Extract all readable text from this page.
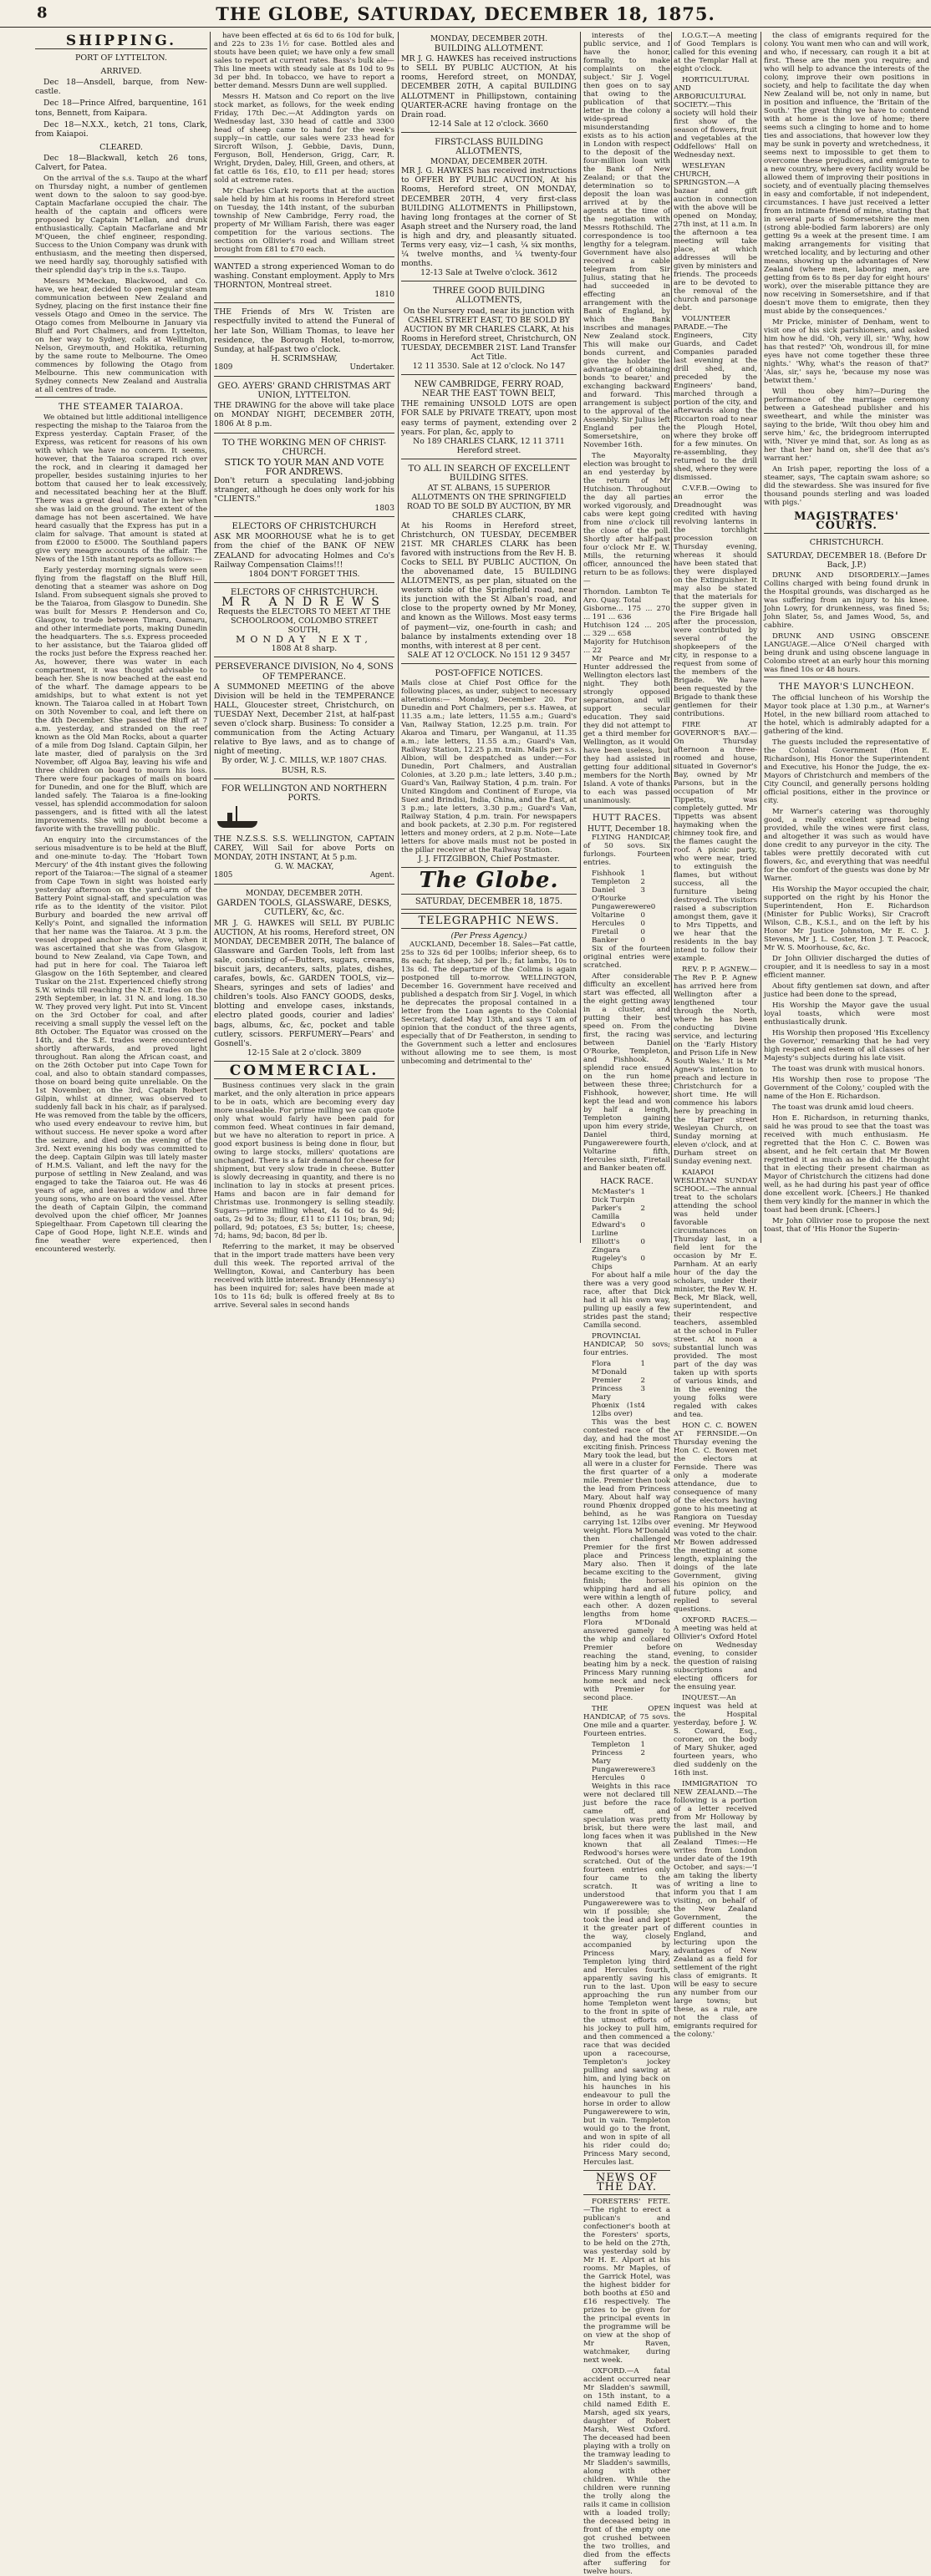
8	THE GLOBE, SATURDAY, DECEMBER 18, 1875.
SHIPPING.
PORT OF LYTTELTON.
ARRIVED.

Dec 18—Ansdell, barque, from New-castle.

Dec 18—Prince Alfred, barquentine, 161 tons, Bennett, from Kaipara.

Dec 18—N.X.X., ketch, 21 tons, Clark, from Kaiapoi.

CLEARED.

Dec 18—Blackwall, ketch 26 tons, Calvert, for Patea.

On the arrival of the s.s. Taupo at the wharf on Thursday night, a number of gentlemen went down to the saloon to say good-bye. Captain Macfarlane occupied the chair. The health of the captain and officers were proposed by Captain M'Lellan, and drunk enthusiastically. Captain Macfarlane and Mr M'Queen, the chief engineer, responding. Success to the Union Company was drunk with enthusiasm, and the meeting then dispersed, we need hardly say, thoroughly satisfied with their splendid day's trip in the s.s. Taupo.

Messrs M'Meckan, Blackwood, and Co. have, we hear, decided to open regular steam communication between New Zealand and Sydney, placing on the first instance their fine vessels Otago and Omeo in the service. The Otago comes from Melbourne in January via Bluff and Port Chalmers, and from Lyttelton, on her way to Sydney, calls at Wellington, Nelson, Greymouth, and Hokitika, returning by the same route to Melbourne. The Omeo commences by following the Otago from Melbourne. This new communication with Sydney connects New Zealand and Australia at all centres of trade.

THE STEAMER TAIAROA.

We obtained but little additional intelligence respecting the mishap to the Taiaroa from the Express yesterday. Captain Fraser, of the Express, was reticent for reasons of his own with which we have no concern. It seems, however, that the Taiaroa scraped rich over the rock, and in clearing it damaged her propeller, besides sustaining injuries to her bottom that caused her to leak excessively, and necessitated beaching her at the Bluff. There was a great deal of water in her when she was laid on the ground. The extent of the damage has not been ascertained. We have heard casually that the Express has put in a claim for salvage. That amount is stated at from £2000 to £5000. The Southland papers give very meagre accounts of the affair. The News of the 15th instant reports as follows:—

Early yesterday morning signals were seen flying from the flagstaff on the Bluff Hill, denoting that a steamer was ashore on Dog Island. From subsequent signals she proved to be the Taiaroa, from Glasgow to Dunedin. She was built for Messrs P. Henderson and Co, Glasgow, to trade between Timaru, Oamaru, and other intermediate ports, making Dunedin the headquarters. The s.s. Express proceeded to her assistance, but the Taiaroa glided off the rocks just before the Express reached her. As, however, there was water in each compartment, it was thought advisable to beach her. She is now beached at the east end of the wharf. The damage appears to be amidships, but to what extent is not yet known. The Taiaroa called in at Hobart Town on 30th November to coal, and left there on the 4th December. She passed the Bluff at 7 a.m. yesterday, and stranded on the reef known as the Old Man Rocks, about a quarter of a mile from Dog Island. Captain Gilpin, her late master, died of paralysis on the 3rd November, off Algoa Bay, leaving his wife and three children on board to mourn his loss. There were four packages of mails on board for Dunedin, and one for the Bluff, which are landed safely. The Taiaroa is a fine-looking vessel, has splendid accommodation for saloon passengers, and is fitted with all the latest improvements. She will no doubt become a favorite with the travelling public.

An enquiry into the circumstances of the serious misadventure is to be held at the Bluff, and one-minute to-day. The 'Hobart Town Mercury' of the 4th instant gives the following report of the Taiaroa:—The signal of a steamer from Cape Town in sight was hoisted early yesterday afternoon on the yard-arm of the Battery Point signal-staff, and speculation was rife as to the identity of the visitor. Pilot Burbury and boarded the new arrival off Kelly's Point, and signalled the information that her name was the Taiaroa. At 3 p.m. the vessel dropped anchor in the Cove, when it was ascertained that she was from Glasgow, bound to New Zealand, via Cape Town, and had put in here for coal. The Taiaroa left Glasgow on the 16th September, and cleared Tuskar on the 21st. Experienced chiefly strong S.W. winds till reaching the N.E. trades on the 29th September, in lat. 31 N. and long. 18.30 W. They proved very light. Put into St. Vincent on the 3rd October for coal, and after receiving a small supply the vessel left on the 8th October. The Equator was crossed on the 14th, and the S.E. trades were encountered shortly afterwards, and proved light throughout. Ran along the African coast, and on the 26th October put into Cape Town for coal, and also to obtain standard compasses, those on board being quite unreliable. On the 1st November, on the 3rd, Captain Robert Gilpin, whilst at dinner, was observed to suddenly fall back in his chair, as if paralysed. He was removed from the table by the officers, who used every endeavour to revive him, but without success. He never spoke a word after the seizure, and died on the evening of the 3rd. Next evening his body was committed to the deep. Captain Gilpin was till lately master of H.M.S. Valiant, and left the navy for the purpose of settling in New Zealand, and was engaged to take the Taiaroa out. He was 46 years of age, and leaves a widow and three young sons, who are on board the vessel. After the death of Captain Gilpin, the command devolved upon the chief officer, Mr Joannes Spiegelthaar. From Capetown till clearing the Cape of Good Hope, light N.E.E. winds and fine weather were experienced, then encountered westerly.

have been effected at 6s 6d to 6s 10d for bulk, and 22s to 23s 1½ for case. Bottled ales and stouts have been quiet; we have only a few small sales to report at current rates. Bass's bulk ale—This line meets with steady sale at 8s 10d to 9s 3d per bhd. In tobacco, we have to report a better demand. Messrs Dunn are well supplied.

Messrs H. Matson and Co report on the live stock market, as follows, for the week ending Friday, 17th Dec.—At Addington yards on Wednesday last, 330 head of cattle and 3300 head of sheep came to hand for the week's supply—in cattle, our sales were 233 head for Sircroft Wilson, J. Gebbie, Davis, Dunn, Ferguson, Boll, Henderson, Grigg, Carr, R. Wright, Dryden, Daley, Hill, Green, and others, at fat cattle 6s 16s, £10, to £11 per head; stores sold at extreme rates.

Mr Charles Clark reports that at the auction sale held by him at his rooms in Hereford street on Tuesday, the 14th instant, of the suburban township of New Cambridge, Ferry road, the property of Mr William Farish, there was eager competition for the various sections. The sections on Ollivier's road and William street brought from £81 to £70 each.

WANTED a strong experienced Woman to do washing. Constant employment. Apply to Mrs THORNTON, Montreal street.
1810
THE Friends of Mrs W. Tristen are respectfully invited to attend the Funeral of her late Son, William Thomas, to leave her residence, the Borough Hotel, to-morrow, Sunday, at half-past two o'clock.
H. SCRIMSHAW,
1809	Undertaker.
GEO. AYERS' GRAND CHRISTMAS ART UNION, LYTTELTON.
THE DRAWING for the above will take place on MONDAY NIGHT, DECEMBER 20TH, 1806 At 8 p.m.
TO THE WORKING MEN OF CHRIST-CHURCH.
STICK TO YOUR MAN AND VOTE FOR ANDREWS.
Don't return a speculating land-jobbing stranger, although he does only work for his "CLIENTS."
1803
ELECTORS OF CHRISTCHURCH
ASK MR MOORHOUSE what he is to get from the chief of the BANK OF NEW ZEALAND for advocating Holmes and Co's Railway Compensation Claims!!!
1804 DON'T FORGET THIS.
ELECTORS OF CHRISTCHURCH.
MR ANDREWS
Requests the ELECTORS TO MEET AT THE SCHOOLROOM, COLOMBO STREET SOUTH,
MONDAY NEXT,
1808 At 8 sharp.
PERSEVERANCE DIVISION, No 4, SONS OF TEMPERANCE.
A SUMMONED MEETING of the above Division will be held in the TEMPERANCE HALL, Gloucester street, Christchurch, on TUESDAY Next, December 21st, at half-past seven o'clock sharp. Business: To consider a communication from the Acting Actuary relative to Bye laws, and as to change of night of meeting.
By order, W. J. C. MILLS, W.P. 1807 CHAS. BUSH, R.S.
FOR WELLINGTON AND NORTHERN PORTS.
THE N.Z.S.S. S.S. WELLINGTON, CAPTAIN CAREY, Will Sail for above Ports on MONDAY, 20TH INSTANT, At 5 p.m.
G. W. MACKAY,
1805	Agent.
MONDAY, DECEMBER 20TH.
GARDEN TOOLS, GLASSWARE, DESKS, CUTLERY, &c, &c.
MR J. G. HAWKES will SELL BY PUBLIC AUCTION, At his rooms, Hereford street, ON MONDAY, DECEMBER 20TH, The balance of Glassware and Garden Tools, left from last sale, consisting of—Butters, sugars, creams, biscuit jars, decanters, salts, plates, dishes, carafes, bowls, &c. GARDEN TOOLS, viz—Shears, syringes and sets of ladies' and children's tools. Also FANCY GOODS, desks, blotting and envelope cases, inkstands, electro plated goods, courier and ladies' bags, albums, &c, &c, pocket and table cutlery, scissors. PERFUMERY—Pears' and Gosnell's.
12-15 Sale at 2 o'clock. 3809
COMMERCIAL.

Business continues very slack in the grain market, and the only alteration in price appears to be in oats, which are becoming every day more unsaleable. For prime milling we can quote only what would fairly have been paid for common feed. Wheat continues in fair demand, but we have no alteration to report in price. A good export business is being done in flour, but owing to large stocks, millers' quotations are unchanged. There is a fair demand for cheese for shipment, but very slow trade in cheese. Butter is slowly decreasing in quantity, and there is no inclination to lay in stocks at present prices. Hams and bacon are in fair demand for Christmas use. Ironmongery is selling steadily. Sugars—prime milling wheat, 4s 6d to 4s 9d; oats, 2s 9d to 3s; flour, £11 to £11 10s; bran, 9d; pollard, 9d; potatoes, £3 5s; butter, 1s; cheese, 7d; hams, 9d; bacon, 8d per lb.

Referring to the market, it may be observed that in the import trade matters have been very dull this week. The reported arrival of the Wellington, Kowai, and Canterbury has been received with little interest. Brandy (Hennessy's) has been inquired for; sales have been made at 10s to 11s 6d; bulk is offered freely at 8s to arrive. Several sales in second hands

MONDAY, DECEMBER 20TH.
BUILDING ALLOTMENT.
MR J. G. HAWKES has received instructions to SELL BY PUBLIC AUCTION, At his rooms, Hereford street, on MONDAY, DECEMBER 20TH, A capital BUILDING ALLOTMENT in Phillipstown, containing QUARTER-ACRE having frontage on the Drain road.
12-14 Sale at 12 o'clock. 3660
FIRST-CLASS BUILDING ALLOTMENTS,
MONDAY, DECEMBER 20TH.
MR J. G. HAWKES has received instructions to OFFER BY PUBLIC AUCTION, At his Rooms, Hereford street, ON MONDAY, DECEMBER 20TH, 4 very first-class BUILDING ALLOTMENTS in Phillipstown, having long frontages at the corner of St Asaph street and the Nursery road, the land is high and dry, and pleasantly situated. Terms very easy, viz—1 cash, ¼ six months, ¼ twelve months, and ¼ twenty-four months.
12-13 Sale at Twelve o'clock. 3612
THREE GOOD BUILDING ALLOTMENTS,
On the Nursery road, near its junction with CASHEL STREET EAST, TO BE SOLD BY AUCTION BY MR CHARLES CLARK, At his Rooms in Hereford street, Christchurch, ON TUESDAY, DECEMBER 21ST. Land Transfer Act Title.
12 11 3530. Sale at 12 o'clock. No 147
NEW CAMBRIDGE, FERRY ROAD, NEAR THE EAST TOWN BELT,
THE remaining UNSOLD LOTS are open FOR SALE by PRIVATE TREATY, upon most easy terms of payment, extending over 2 years. For plan, &c, apply to
No 189 CHARLES CLARK, 12 11 3711 Hereford street.
TO ALL IN SEARCH OF EXCELLENT BUILDING SITES.
AT ST. ALBANS, 15 SUPERIOR ALLOTMENTS ON THE SPRINGFIELD ROAD TO BE SOLD BY AUCTION, BY MR CHARLES CLARK,
At his Rooms in Hereford street, Christchurch, ON TUESDAY, DECEMBER 21ST. MR CHARLES CLARK has been favored with instructions from the Rev H. B. Cocks to SELL BY PUBLIC AUCTION, On the abovenamed date, 15 BUILDING ALLOTMENTS, as per plan, situated on the western side of the Springfield road, near its junction with the St Alban's road, and close to the property owned by Mr Money, and known as the Willows. Most easy terms of payment—viz, one-fourth in cash; and balance by instalments extending over 18 months, with interest at 8 per cent.
SALE AT 12 O'CLOCK. No 151 12 9 3457
POST-OFFICE NOTICES.
Mails close at Chief Post Office for the following places, as under, subject to necessary alterations:— Monday, December 20. For Dunedin and Port Chalmers, per s.s. Hawea, at 11.35 a.m.; late letters, 11.55 a.m.; Guard's Van, Railway Station, 12.25 p.m. train. For Akaroa and Timaru, per Wanganui, at 11.35 a.m.; late letters, 11.55 a.m.; Guard's Van, Railway Station, 12.25 p.m. train. Mails per s.s. Albion, will be despatched as under:—For Dunedin, Port Chalmers, and Australian Colonies, at 3.20 p.m.; late letters, 3.40 p.m.; Guard's Van, Railway Station, 4 p.m. train. For United Kingdom and Continent of Europe, via Suez and Brindisi, India, China, and the East, at 3 p.m.; late letters, 3.30 p.m.; Guard's Van, Railway Station, 4 p.m. train. For newspapers and book packets, at 2.30 p.m. For registered letters and money orders, at 2 p.m. Note—Late letters for above mails must not be posted in the pillar receiver at the Railway Station.
J. J. FITZGIBBON, Chief Postmaster.
The Globe.
SATURDAY, DECEMBER 18, 1875.
TELEGRAPHIC NEWS.
(Per Press Agency.)

AUCKLAND, December 18. Sales—Fat cattle, 25s to 32s 6d per 100lbs; inferior sheep, 6s to 8s each; fat sheep, 3d per lb.; fat lambs, 10s to 13s 6d. The departure of the Colima is again postponed till to-morrow. WELLINGTON, December 16. Government have received and published a despatch from Sir J. Vogel, in which he deprecates the proposal contained in a letter from the Loan agents to the Colonial Secretary, dated May 13th, and says 'I am of opinion that the conduct of the three agents, especially that of Dr Featherston, in sending to the Government such a letter and enclosures without allowing me to see them, is most unbecoming and detrimental to the'

interests of the public service, and I have the honor, formally, to make complaints on the subject.' Sir J. Vogel then goes on to say that owing to the publication of that letter in the colony a wide-spread misunderstanding exists as to his action in London with respect to the deposit of the four-million loan with the Bank of New Zealand; or that the determination so to deposit the loan was arrived at by the agents at the time of the negotiation with Messrs Rothschild. The correspondence is too lengthy for a telegram. Government have also received a cable telegram from Sir Julius, stating that he had succeeded in effecting an arrangement with the Bank of England, by which the Bank inscribes and manages New Zealand stock. This will make our bonds current, and give the holder the advantage of obtaining bonds 'to bearer,' and exchanging backward and forward. This arrangement is subject to the approval of the Assembly. Sir Julius left England per the Somersetshire, on November 16th.

The Mayoralty election was brought to an end yesterday by the return of Mr Hutchison. Throughout the day all parties worked vigorously, and cabs were kept going from nine o'clock till the close of the poll. Shortly after half-past four o'clock Mr E. W. Mills, the returning officer, announced the return to be as follows:—

Thorndon. Lambton Te Aro. Quay. Total
Gisborne... 175 ... 270 ... 191 ... 636
Hutchison 124 ... 205 ... 329 ... 658
Majority for Hutchison ... 22

Mr Pearce and Mr Hunter addressed the Wellington electors last night. They both strongly opposed separation, and will support secular education. They said they did not attempt to get a third member for Wellington, as it would have been useless, but they had assisted in getting four additional members for the North Island. A vote of thanks to each was passed unanimously.

HUTT RACES.
HUTT, December 18.

FLYING HANDICAP, of 50 sovs. Six furlongs. Fourteen entries.

Fishhook 1
Templeton 2
Daniel O'Rourke
3
Pungawerewere 0
Voltarine 0
Hercules 0
Firetail	0
Banker	0

Six of the fourteen original entries were scratched.

After considerable difficulty an excellent start was effected, all the eight getting away in a cluster, and putting their best speed on. From the first, the racing was between Daniel O'Rourke, Templeton, and Fishhook. A splendid race ensued on the run home between these three; Fishhook, however, kept the lead and won by half a length, Templeton gaining upon him every stride, Daniel third, Pungawerewere fourth, Voltarine fifth, Hercules sixth, Firetail and Banker beaten off.

HACK RACE.
McMaster's Dick Turpin
1
Parker's Camilla
2
Edward's Lurline
0
Elliott's Zingara
0
Rugeley's Chips
0

For about half a mile there was a very good race, after that Dick had it all his own way, pulling up easily a few strides past the stand; Camilla second.

PROVINCIAL HANDICAP, 50 sovs; four entries.

Flora M'Donald
1
Premier	2
Princess Mary
3
Phœnix (1st 12lbs over)
4

This was the best contested race of the day, and had the most exciting finish. Princess Mary took the lead, but all were in a cluster for the first quarter of a mile. Premier then took the lead from Princess Mary. About half way round Phœnix dropped behind, as he was carrying 1st. 12lbs over weight. Flora M'Donald then challenged Premier for the first place and Princess Mary also. Then it became exciting to the finish; the horses whipping hard and all were within a length of each other. A dozen lengths from home Flora M'Donald answered gamely to the whip and collared Premier before reaching the stand, beating him by a neck. Princess Mary running home neck and neck with Premier for second place.

THE OPEN HANDICAP, of 75 sovs. One mile and a quarter. Fourteen entries.

Templeton 1
Princess Mary
2
Pungawerewere 3
Hercules 0

Weights in this race were not declared till just before the race came off, and speculation was pretty brisk, but there were long faces when it was known that all Redwood's horses were scratched. Out of the fourteen entries only four came to the scratch. It was understood that Pungawerewere was to win if possible; she took the lead and kept it the greater part of the way, closely accompanied by Princess Mary, Templeton lying third and Hercules fourth, apparently saving his run to the last. Upon approaching the run home Templeton went to the front in spite of the utmost efforts of his jockey to pull him, and then commenced a race that was decided upon a racecourse, Templeton's jockey pulling and sawing at him, and lying back on his haunches in his endeavour to pull the horse in order to allow Pungawerewere to win, but in vain. Templeton would go to the front, and won in spite of all his rider could do; Princess Mary second, Hercules last.

NEWS OF THE DAY.

FORESTERS' FETE.—The right to erect a publican's and confectioner's booth at the Foresters' sports, to be held on the 27th, was yesterday sold by Mr H. E. Alport at his rooms. Mr Maples, of the Garrick Hotel, was the highest bidder for both booths at £50 and £16 respectively. The prizes to be given for the principal events in the programme will be on view at the shop of Mr Raven, watchmaker, during next week.

OXFORD.—A fatal accident occurred near Mr Sladden's sawmill, on 15th instant, to a child named Edith E. Marsh, aged six years, daughter of Robert Marsh, West Oxford. The deceased had been playing with a trolly on the tramway leading to Mr Sladden's sawmills, along with other children. While the children were running the trolly along the rails it came in collision with a loaded trolly; the deceased being in front of the empty one got crushed between the two trollies, and died from the effects after suffering for twelve hours.

the class of emigrants required for the colony. You want men who can and will work, and who, if necessary, can rough it a bit at first. These are the men you require; and who will help to advance the interests of the colony, improve their own positions in society, and help to facilitate the day when New Zealand will be, not only in name, but in position and influence, the 'Britain of the South.' The great thing we have to contend with at home is the love of home; there seems such a clinging to home and to home ties and associations, that however low they may be sunk in poverty and wretchedness, it seems next to impossible to get them to overcome these prejudices, and emigrate to a new country, where every facility would be allowed them of improving their positions in society, and of eventually placing themselves in easy and comfortable, if not independent, circumstances. I have just received a letter from an intimate friend of mine, stating that in several parts of Somersetshire the men (strong able-bodied farm laborers) are only getting 9s a week at the present time. I am making arrangements for visiting that wretched locality, and by lecturing and other means, showing up the advantages of New Zealand (where men, laboring men, are getting from 6s to 8s per day for eight hours' work), over the miserable pittance they are now receiving in Somersetshire, and if that doesn't move them to emigrate, then they must abide by the consequences.'

Mr Pricke, minister of Denham, went to visit one of his sick parishioners, and asked him how he did. 'Oh, very ill, sir.' 'Why, how has that rested?' 'Oh, wondrous ill, for mine eyes have not come together these three nights.' 'Why, what's the reason of that?' 'Alas, sir,' says he, 'because my nose was betwixt them.'

Will thou obey him?—During the performance of the marriage ceremony between a Gateshead publisher and his sweetheart, and while the minister was saying to the bride, 'Wilt thou obey him and serve him,' &c, the bridegroom interrupted with, 'Niver ye mind that, sor. As long as as her that her hand on, she'll dee that as's warrant her.'

An Irish paper, reporting the loss of a steamer, says, 'The captain swam ashore; so did the stewardess. She was insured for five thousand pounds sterling and was loaded with pigs.'

MAGISTRATES' COURTS.
CHRISTCHURCH.
SATURDAY, DECEMBER 18. (Before Dr Back, J.P.)

DRUNK AND DISORDERLY.—James Collins charged with being found drunk in the Hospital grounds, was discharged as he was suffering from an injury to his knee. John Lowry, for drunkenness, was fined 5s; John Slater, 5s, and James Wood, 5s, and cabhire.

DRUNK AND USING OBSCENE LANGUAGE.—Alice O'Neil charged with being drunk and using obscene language in Colombo street at an early hour this morning was fined 10s or 48 hours.

THE MAYOR'S LUNCHEON.

The official luncheon of his Worship the Mayor took place at 1.30 p.m., at Warner's Hotel, in the new billiard room attached to the hotel, which is admirably adapted for a gathering of the kind.

The guests included the representative of the Colonial Government (Hon E. Richardson), His Honor the Superintendent and Executive, his Honor the Judge, the ex-Mayors of Christchurch and members of the City Council, and generally persons holding official positions, either in the province or city.

Mr Warner's catering was thoroughly good, a really excellent spread being provided, while the wines were first class, and altogether it was such as would have done credit to any purveyor in the city. The tables were prettily decorated with cut flowers, &c, and everything that was needful for the comfort of the guests was done by Mr Warner.

His Worship the Mayor occupied the chair, supported on the right by his Honor the Superintendent, Hon E. Richardson (Minister for Public Works), Sir Cracroft Wilson, C.B., K.S.I., and on the left by his Honor Mr Justice Johnston, Mr E. C. J. Stevens, Mr J. L. Coster, Hon J. T. Peacock, Mr W. S. Moorhouse, &c, &c.

Dr John Ollivier discharged the duties of croupier, and it is needless to say in a most efficient manner.

About fifty gentlemen sat down, and after justice had been done to the spread,

His Worship the Mayor gave the usual loyal toasts, which were most enthusiastically drunk.

His Worship then proposed 'His Excellency the Governor,' remarking that he had very high respect and esteem of all classes of her Majesty's subjects during his late visit.

The toast was drunk with musical honors.

His Worship then rose to propose 'The Government of the Colony,' coupled with the name of the Hon E. Richardson.

The toast was drunk amid loud cheers.

Hon E. Richardson, in returning thanks, said he was proud to see that the toast was received with much enthusiasm. He regretted that the Hon C. C. Bowen was absent, and he felt certain that Mr Bowen regretted it as much as he did. He thought that in electing their present chairman as Mayor of Christchurch the citizens had done well, as he had during his past year of office done excellent work. [Cheers.] He thanked them very kindly for the manner in which the toast had been drunk. [Cheers.]

Mr John Ollivier rose to propose the next toast, that of 'His Honor the Superin-

I.O.G.T.—A meeting of Good Templars is called for this evening at the Templar Hall at eight o'clock.

HORTICULTURAL AND ARBORICULTURAL SOCIETY.—This society will hold their first show of the season of flowers, fruit and vegetables at the Oddfellows' Hall on Wednesday next.

WESLEYAN CHURCH, SPRINGSTON.—A bazaar and gift auction in connection with the above will be opened on Monday, 27th inst, at 11 a.m. In the afternoon a tea meeting will take place, at which addresses will be given by ministers and friends. The proceeds are to be devoted to the removal of the church and parsonage debt.

VOLUNTEER PARADE.—The Engineers, City Guards, and Cadet Companies paraded last evening at the drill shed, and, preceded by the Engineers' band, marched through a portion of the city, and afterwards along the Riccarton road to near the Plough Hotel, where they broke off for a few minutes. On re-assembling, they returned to the drill shed, where they were dismissed.

C.V.F.B.—Owing to an error the Dreadnought was credited with having revolving lanterns in the torchlight procession on Thursday evening, whereas it should have been stated that they were displayed on the Extinguisher. It may also be stated that the materials for the supper given in the Fire Brigade hall after the procession, were contributed by several of the shopkeepers of the city, in response to a request from some of the members of the Brigade. We have been requested by the Brigade to thank these gentlemen for their contributions.

FIRE AT GOVERNOR'S BAY.—On Thursday afternoon a three-roomed and house, situated in Governor's Bay, owned by Mr Parsons, but in the occupation of Mr Tippetts, was completely gutted. Mr Tippetts was absent haymaking when the chimney took fire, and the flames caught the roof. A picnic party, who were near, tried to extinguish the flames, but without success, all the furniture being destroyed. The visitors raised a subscription amongst them, gave it to Mrs Tippetts, and we hear that the residents in the bay intend to follow their example.

REV. P. P. AGNEW.—The Rev P. P. Agnew has arrived here from Wellington after a lengthened tour through the North, where he has been conducting Divine service, and lecturing on the 'Early History and Prison Life in New South Wales.' It is Mr Agnew's intention to preach and lecture in Christchurch for a short time. He will commence his labors here by preaching in the Harper street Wesleyan Church, on Sunday morning at eleven o'clock, and at Durham street on Sunday evening next.

KAIAPOI WESLEYAN SUNDAY SCHOOL.—The annual treat to the scholars attending the school was held under favorable circumstances on Thursday last, in a field lent for the occasion by Mr E. Parnham. At an early hour of the day the scholars, under their minister, the Rev W. H. Beck, Mr Black, well, superintendent, and their respective teachers, assembled at the school in Fuller street. At noon a substantial lunch was provided. The most part of the day was taken up with sports of various kinds, and in the evening the young folks were regaled with cakes and tea.

HON C. C. BOWEN AT FERNSIDE.—On Thursday evening the Hon C. C. Bowen met the electors at Fernside. There was only a moderate attendance, due to consequence of many of the electors having gone to his meeting at Rangiora on Tuesday evening. Mr Heywood was voted to the chair. Mr Bowen addressed the meeting at some length, explaining the doings of the late Government, giving his opinion on the future policy, and replied to several questions.

OXFORD RACES.—A meeting was held at Ollivier's Oxford Hotel on Wednesday evening, to consider the question of raising subscriptions and electing officers for the ensuing year.

INQUEST.—An inquest was held at the Hospital yesterday, before J. W. S. Coward, Esq., coroner, on the body of Mary Shuker, aged fourteen years, who died suddenly on the 16th inst.

IMMIGRATION TO NEW ZEALAND.—The following is a portion of a letter received from Mr Holloway by the last mail, and published in the New Zealand Times:—He writes from London under date of the 19th October, and says:—'I am taking the liberty of writing a line to inform you that I am visiting, on behalf of the New Zealand Government, the different counties in England, and lecturing upon the advantages of New Zealand as a field for settlement of the right class of emigrants. It will be easy to secure any number from our large towns; but these, as a rule, are not the class of emigrants required for the colony.'
